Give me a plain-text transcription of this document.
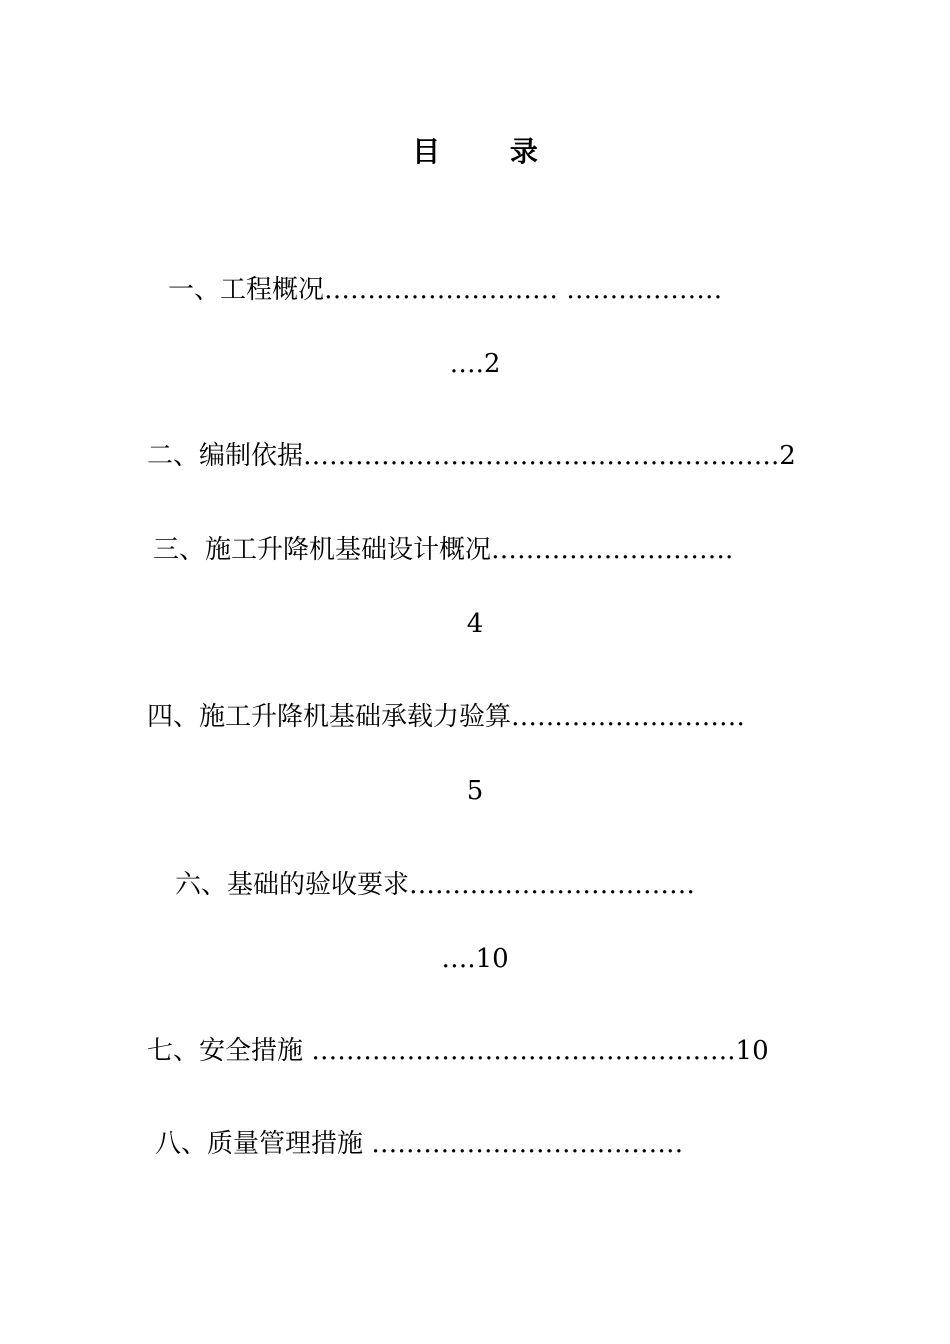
目 录
一、工程概况……………………… ………………
….2
二、编制依据……………………………………………….2
三、施工升降机基础设计概况……………………….
4
四、施工升降机基础承载力验算………………………
5
六、基础的验收要求……………………………
….10
七、安全措施 ………………………………………….10
八、质量管理措施 ………………………………
